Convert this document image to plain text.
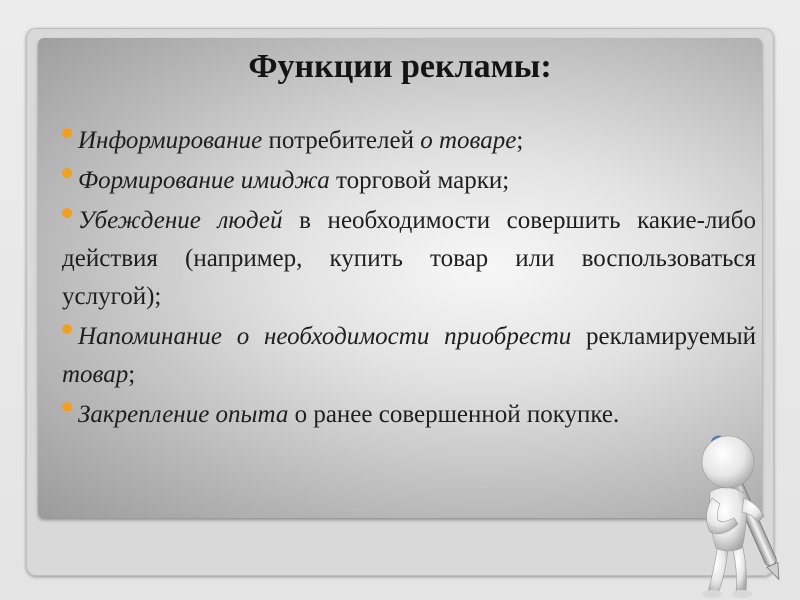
Функции рекламы:
Информирование потребителей о товаре;
Формирование имиджа торговой марки;
Убеждение людей в необходимости совершить какие-либо действия (например, купить товар или воспользоваться услугой);
Напоминание о необходимости приобрести рекламируемый товар;
Закрепление опыта о ранее совершенной покупке.
